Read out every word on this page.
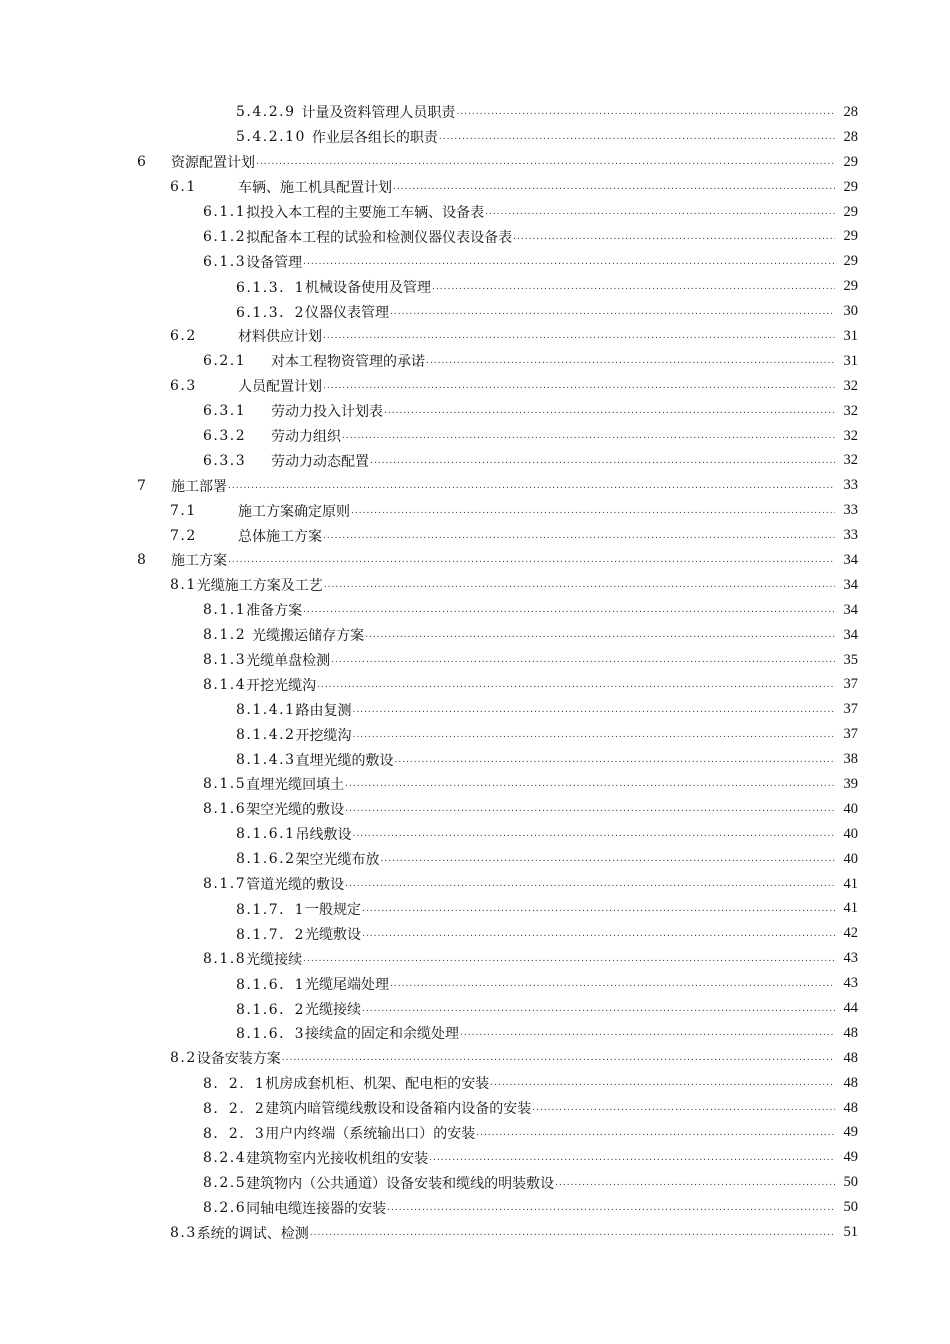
5.4.2.9 计量及资料管理人员职责 .....	28
5.4.2.10 作业层各组长的职责 .....	28
6	资源配置计划 .....	29
6.1	车辆、施工机具配置计划 .....	29
6.1.1 拟投入本工程的主要施工车辆、设备表 .....	29
6.1.2 拟配备本工程的试验和检测仪器仪表设备表 .....	29
6.1.3 设备管理 .....	29
6.1.3．1 机械设备使用及管理 .....	29
6.1.3．2 仪器仪表管理 .....	30
6.2	材料供应计划 .....	31
6.2.1	对本工程物资管理的承诺 .....	31
6.3	人员配置计划 .....	32
6.3.1	劳动力投入计划表 .....	32
6.3.2	劳动力组织 .....	32
6.3.3	劳动力动态配置 .....	32
7	施工部署 .....	33
7.1	施工方案确定原则 .....	33
7.2	总体施工方案 .....	33
8	施工方案 .....	34
8.1 光缆施工方案及工艺 .....	34
8.1.1 准备方案 .....	34
8.1.2 光缆搬运储存方案 .....	34
8.1.3 光缆单盘检测 .....	35
8.1.4 开挖光缆沟 .....	37
8.1.4.1 路由复测 .....	37
8.1.4.2 开挖缆沟 .....	37
8.1.4.3 直埋光缆的敷设 .....	38
8.1.5 直埋光缆回填土 .....	39
8.1.6 架空光缆的敷设 .....	40
8.1.6.1 吊线敷设 .....	40
8.1.6.2 架空光缆布放 .....	40
8.1.7 管道光缆的敷设 .....	41
8.1.7．1 一般规定 .....	41
8.1.7．2 光缆敷设 .....	42
8.1.8 光缆接续 .....	43
8.1.6．1 光缆尾端处理 .....	43
8.1.6．2 光缆接续 .....	44
8.1.6．3 接续盒的固定和余缆处理 .....	48
8.2 设备安装方案 .....	48
8．2．1 机房成套机柜、机架、配电柜的安装 .....	48
8．2．2 建筑内暗管缆线敷设和设备箱内设备的安装 .....	48
8．2．3 用户内终端（系统输出口）的安装 .....	49
8.2.4 建筑物室内光接收机组的安装 .....	49
8.2.5 建筑物内（公共通道）设备安装和缆线的明装敷设 .....	50
8.2.6 同轴电缆连接器的安装 .....	50
8.3 系统的调试、检测 .....	51
